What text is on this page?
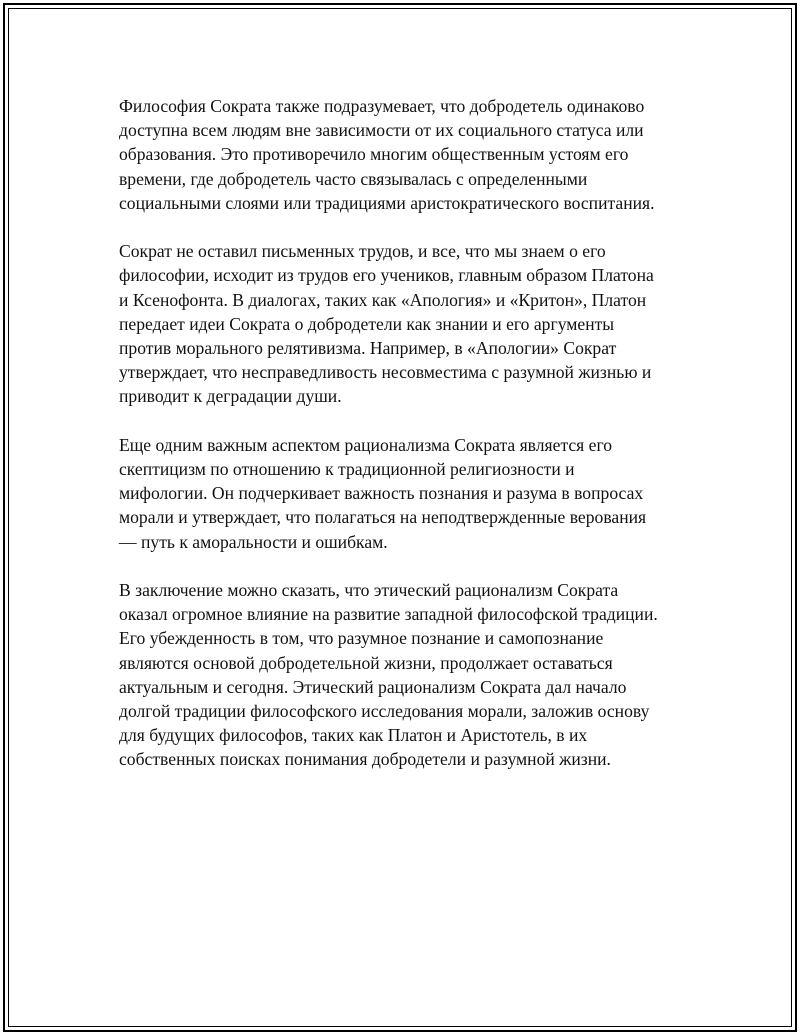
Философия Сократа также подразумевает, что добродетель одинаково
доступна всем людям вне зависимости от их социального статуса или
образования. Это противоречило многим общественным устоям его
времени, где добродетель часто связывалась с определенными
социальными слоями или традициями аристократического воспитания.

Сократ не оставил письменных трудов, и все, что мы знаем о его
философии, исходит из трудов его учеников, главным образом Платона
и Ксенофонта. В диалогах, таких как «Апология» и «Критон», Платон
передает идеи Сократа о добродетели как знании и его аргументы
против морального релятивизма. Например, в «Апологии» Сократ
утверждает, что несправедливость несовместима с разумной жизнью и
приводит к деградации души.

Еще одним важным аспектом рационализма Сократа является его
скептицизм по отношению к традиционной религиозности и
мифологии. Он подчеркивает важность познания и разума в вопросах
морали и утверждает, что полагаться на неподтвержденные верования
— путь к аморальности и ошибкам.

В заключение можно сказать, что этический рационализм Сократа
оказал огромное влияние на развитие западной философской традиции.
Его убежденность в том, что разумное познание и самопознание
являются основой добродетельной жизни, продолжает оставаться
актуальным и сегодня. Этический рационализм Сократа дал начало
долгой традиции философского исследования морали, заложив основу
для будущих философов, таких как Платон и Аристотель, в их
собственных поисках понимания добродетели и разумной жизни.
